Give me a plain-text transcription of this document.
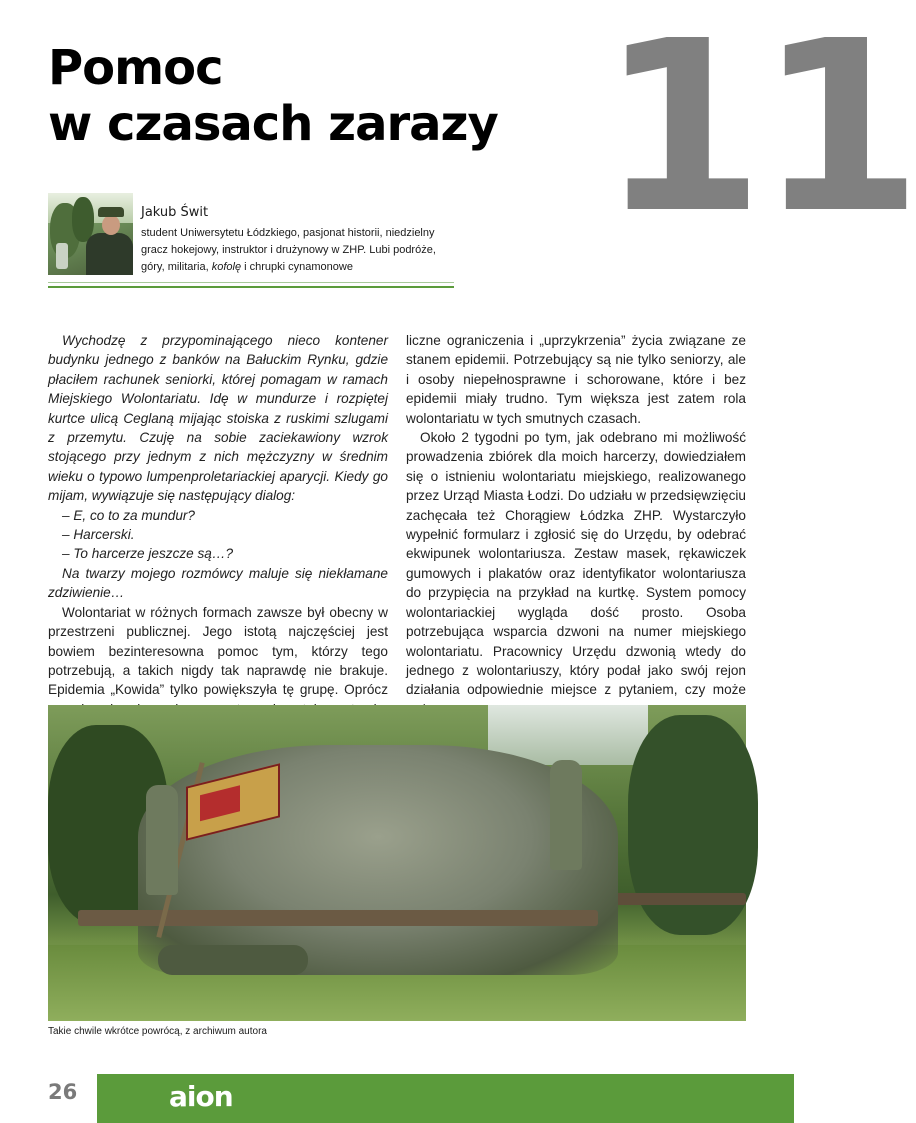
Pomoc
w czasach zarazy 11
Jakub Świt
student Uniwersytetu Łódzkiego, pasjonat historii, niedzielny gracz hokejowy, instruktor i drużynowy w ZHP. Lubi podróże, góry, militaria, kofolę i chrupki cynamonowe

Wychodzę z przypominającego nieco kontener budynku jednego z banków na Bałuckim Rynku, gdzie płaciłem rachunek seniorki, której pomagam w ramach Miejskiego Wolontariatu. Idę w mundurze i rozpiętej kurtce ulicą Ceglaną mijając stoiska z ruskimi szlugami z przemytu. Czuję na sobie zaciekawiony wzrok stojącego przy jednym z nich mężczyzny w średnim wieku o typowo lumpenproletariackiej aparycji. Kiedy go mijam, wywiązuje się następujący dialog:

– E, co to za mundur?

– Harcerski.

– To harcerze jeszcze są…?

Na twarzy mojego rozmówcy maluje się niekłamane zdziwienie…

Wolontariat w różnych formach zawsze był obecny w przestrzeni publicznej. Jego istotą najczęściej jest bowiem bezinteresowna pomoc tym, którzy tego potrzebują, a takich nigdy tak naprawdę nie brakuje. Epidemia „Kowida” tylko powiększyła tę grupę. Oprócz

liczne ograniczenia i „uprzykrzenia” życia związane ze stanem epidemii. Potrzebujący są nie tylko seniorzy, ale i osoby niepełnosprawne i schorowane, które i bez epidemii miały trudno. Tym większa jest zatem rola wolontariatu w tych smutnych czasach.

Około 2 tygodni po tym, jak odebrano mi możliwość prowadzenia zbiórek dla moich harcerzy, dowiedziałem się o istnieniu wolontariatu miejskiego, realizowanego przez Urząd Miasta Łodzi. Do udziału w przedsięwzięciu zachęcała też Chorągiew Łódzka ZHP. Wystarczyło wypełnić formularz i zgłosić się do Urzędu, by odebrać ekwipunek wolontariusza. Zestaw masek, rękawiczek gumowych i plakatów oraz identyfikator wolontariusza do przypięcia na przykład na kurtkę. System pomocy wolontariackiej wygląda dość prosto. Osoba potrzebująca wsparcia dzwoni na numer miejskiego wolontariatu. Pracownicy Urzędu dzwonią wtedy do jednego z wolontariuszy, który podał jako swój rejon działania odpowiednie miejsce z pytaniem, czy może

Takie chwile wkrótce powrócą, z archiwum autora
26	aion
